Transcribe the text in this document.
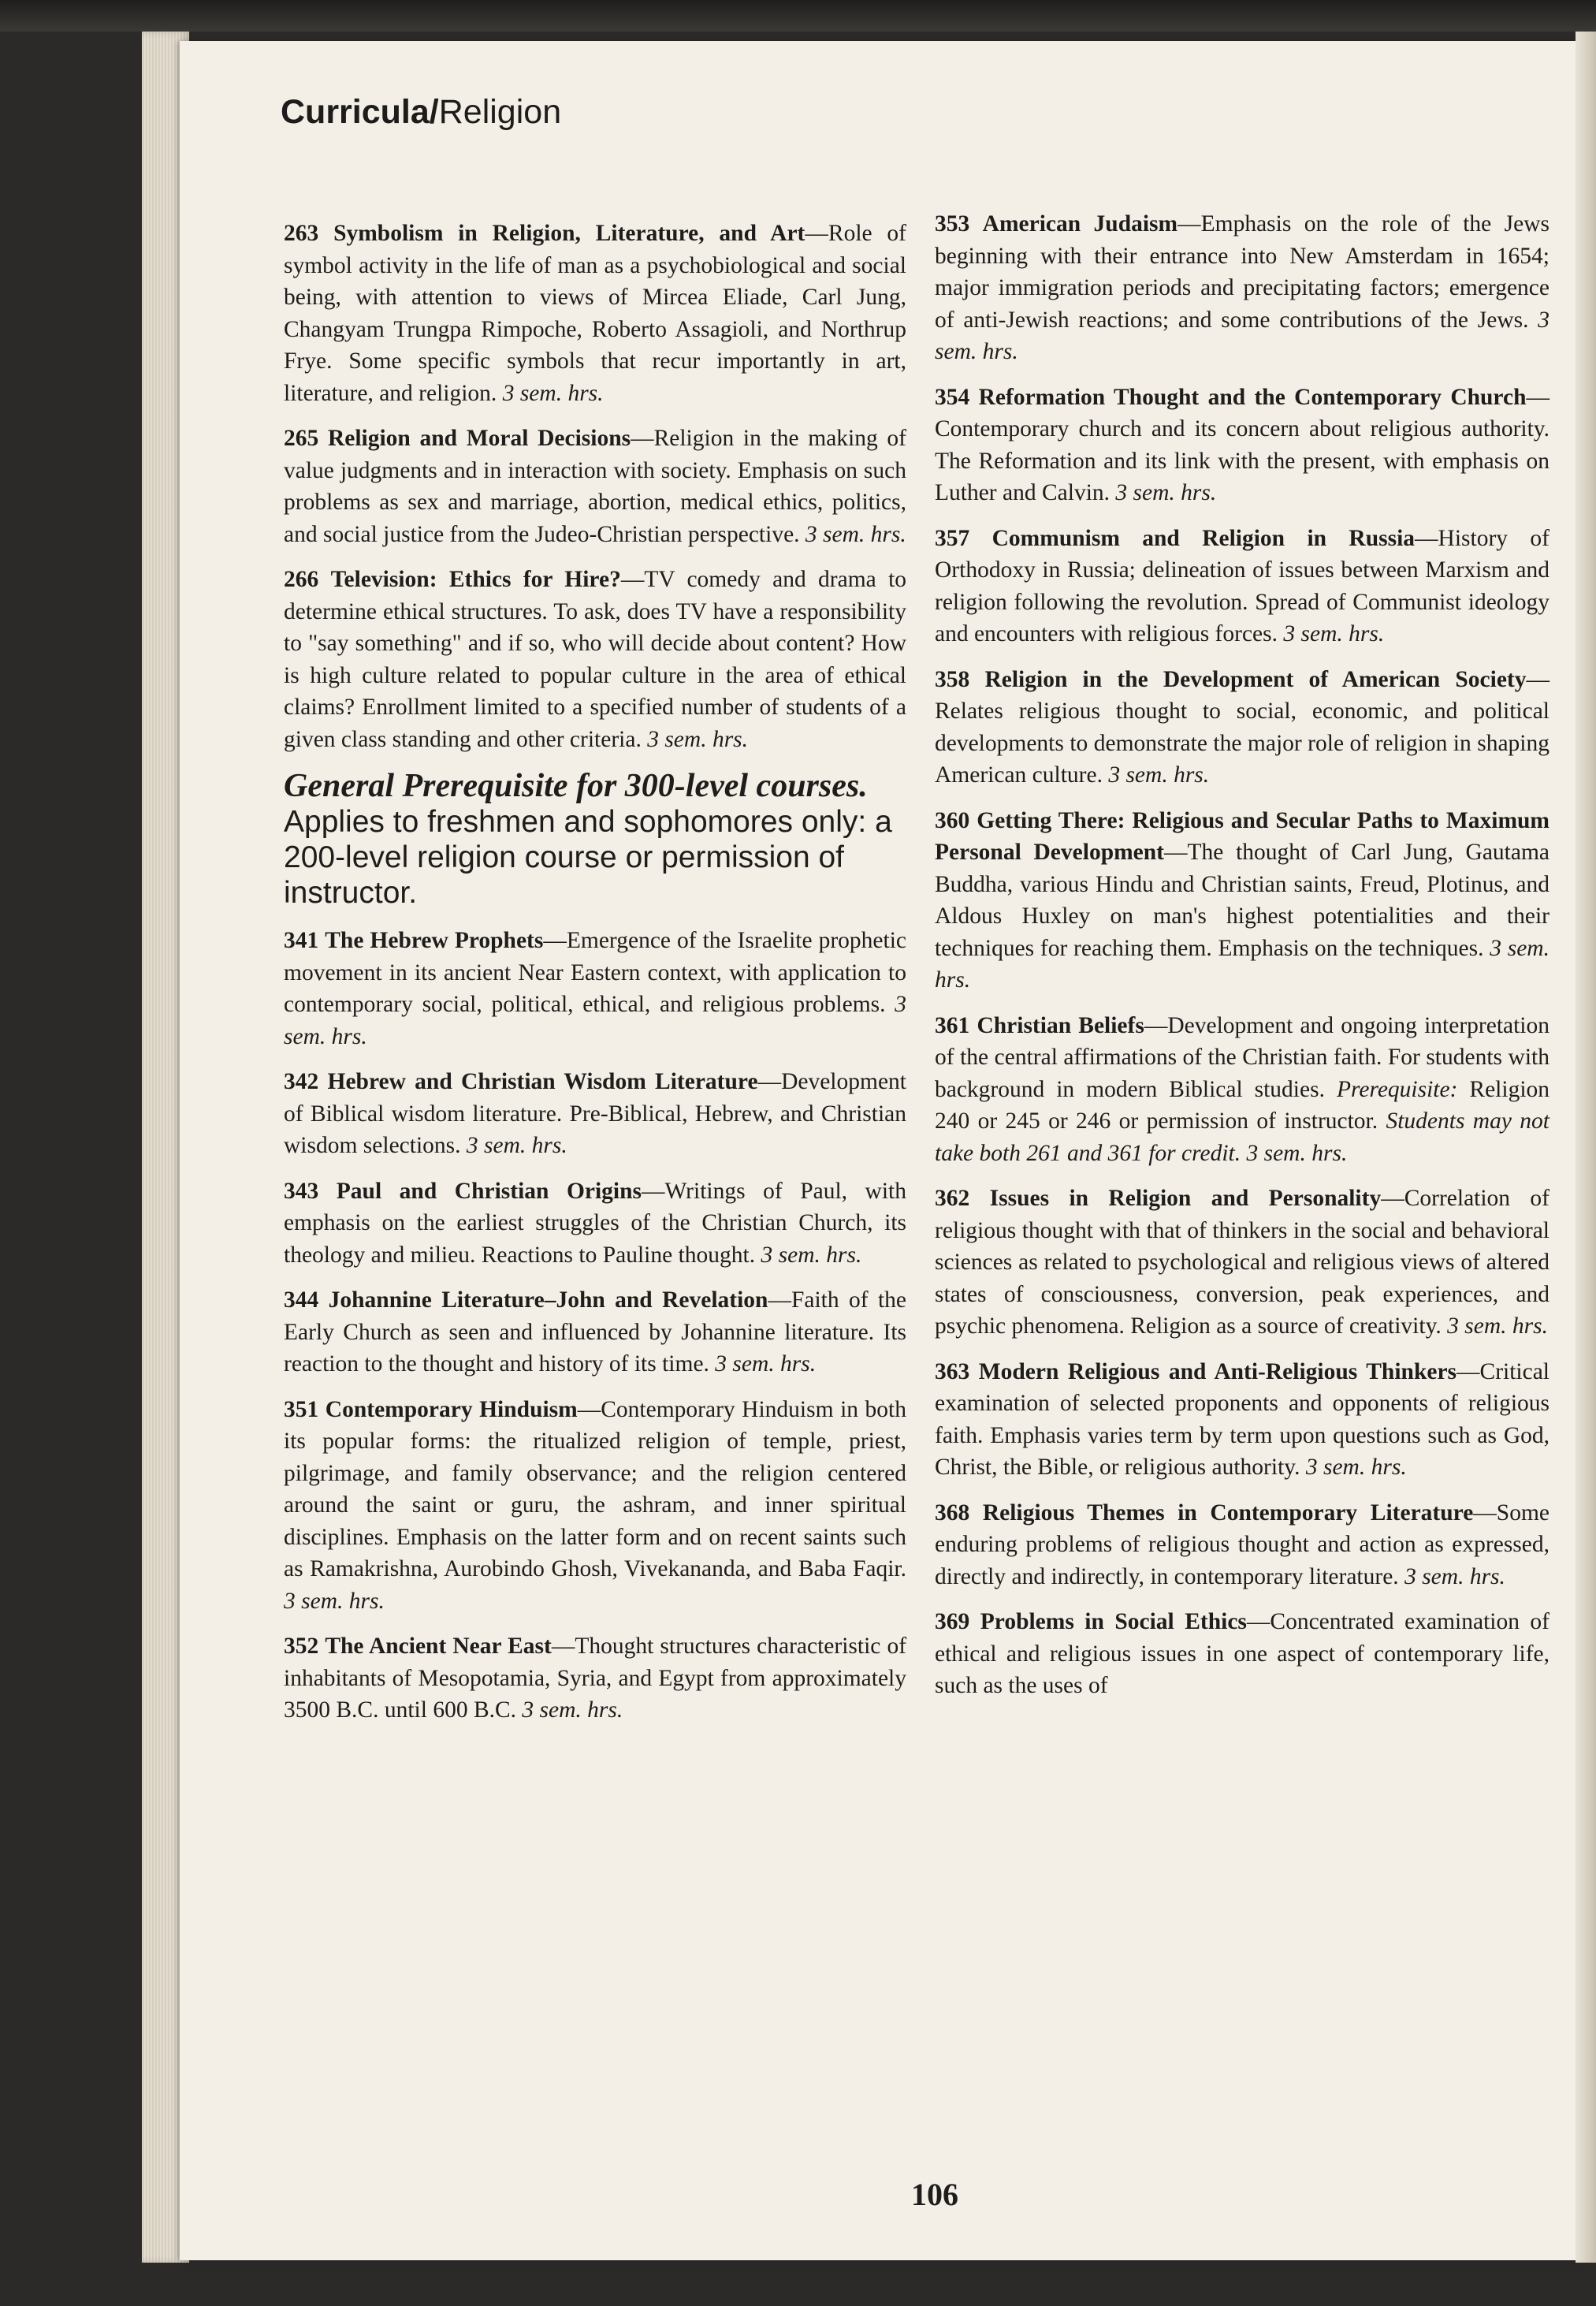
Curricula/Religion

263 Symbolism in Religion, Literature, and Art—Role of symbol activity in the life of man as a psychobiological and social being, with attention to views of Mircea Eliade, Carl Jung, Changyam Trungpa Rimpoche, Roberto Assagioli, and Northrup Frye. Some specific symbols that recur importantly in art, literature, and religion. 3 sem. hrs.

265 Religion and Moral Decisions—Religion in the making of value judgments and in interaction with society. Emphasis on such problems as sex and marriage, abortion, medical ethics, politics, and social justice from the Judeo-Christian perspective. 3 sem. hrs.

266 Television: Ethics for Hire?—TV comedy and drama to determine ethical structures. To ask, does TV have a responsibility to "say something" and if so, who will decide about content? How is high culture related to popular culture in the area of ethical claims? Enrollment limited to a specified number of students of a given class standing and other criteria. 3 sem. hrs.

General Prerequisite for 300-level courses. Applies to freshmen and sophomores only: a 200-level religion course or permission of instructor.

341 The Hebrew Prophets—Emergence of the Israelite prophetic movement in its ancient Near Eastern context, with application to contemporary social, political, ethical, and religious problems. 3 sem. hrs.

342 Hebrew and Christian Wisdom Literature—Development of Biblical wisdom literature. Pre-Biblical, Hebrew, and Christian wisdom selections. 3 sem. hrs.

343 Paul and Christian Origins—Writings of Paul, with emphasis on the earliest struggles of the Christian Church, its theology and milieu. Reactions to Pauline thought. 3 sem. hrs.

344 Johannine Literature–John and Revelation—Faith of the Early Church as seen and influenced by Johannine literature. Its reaction to the thought and history of its time. 3 sem. hrs.

351 Contemporary Hinduism—Contemporary Hinduism in both its popular forms: the ritualized religion of temple, priest, pilgrimage, and family observance; and the religion centered around the saint or guru, the ashram, and inner spiritual disciplines. Emphasis on the latter form and on recent saints such as Ramakrishna, Aurobindo Ghosh, Vivekananda, and Baba Faqir. 3 sem. hrs.

352 The Ancient Near East—Thought structures characteristic of inhabitants of Mesopotamia, Syria, and Egypt from approximately 3500 B.C. until 600 B.C. 3 sem. hrs.

353 American Judaism—Emphasis on the role of the Jews beginning with their entrance into New Amsterdam in 1654; major immigration periods and precipitating factors; emergence of anti-Jewish reactions; and some contributions of the Jews. 3 sem. hrs.

354 Reformation Thought and the Contemporary Church—Contemporary church and its concern about religious authority. The Reformation and its link with the present, with emphasis on Luther and Calvin. 3 sem. hrs.

357 Communism and Religion in Russia—History of Orthodoxy in Russia; delineation of issues between Marxism and religion following the revolution. Spread of Communist ideology and encounters with religious forces. 3 sem. hrs.

358 Religion in the Development of American Society—Relates religious thought to social, economic, and political developments to demonstrate the major role of religion in shaping American culture. 3 sem. hrs.

360 Getting There: Religious and Secular Paths to Maximum Personal Development—The thought of Carl Jung, Gautama Buddha, various Hindu and Christian saints, Freud, Plotinus, and Aldous Huxley on man's highest potentialities and their techniques for reaching them. Emphasis on the techniques. 3 sem. hrs.

361 Christian Beliefs—Development and ongoing interpretation of the central affirmations of the Christian faith. For students with background in modern Biblical studies. Prerequisite: Religion 240 or 245 or 246 or permission of instructor. Students may not take both 261 and 361 for credit. 3 sem. hrs.

362 Issues in Religion and Personality—Correlation of religious thought with that of thinkers in the social and behavioral sciences as related to psychological and religious views of altered states of consciousness, conversion, peak experiences, and psychic phenomena. Religion as a source of creativity. 3 sem. hrs.

363 Modern Religious and Anti-Religious Thinkers—Critical examination of selected proponents and opponents of religious faith. Emphasis varies term by term upon questions such as God, Christ, the Bible, or religious authority. 3 sem. hrs.

368 Religious Themes in Contemporary Literature—Some enduring problems of religious thought and action as expressed, directly and indirectly, in contemporary literature. 3 sem. hrs.

369 Problems in Social Ethics—Concentrated examination of ethical and religious issues in one aspect of contemporary life, such as the uses of

106
